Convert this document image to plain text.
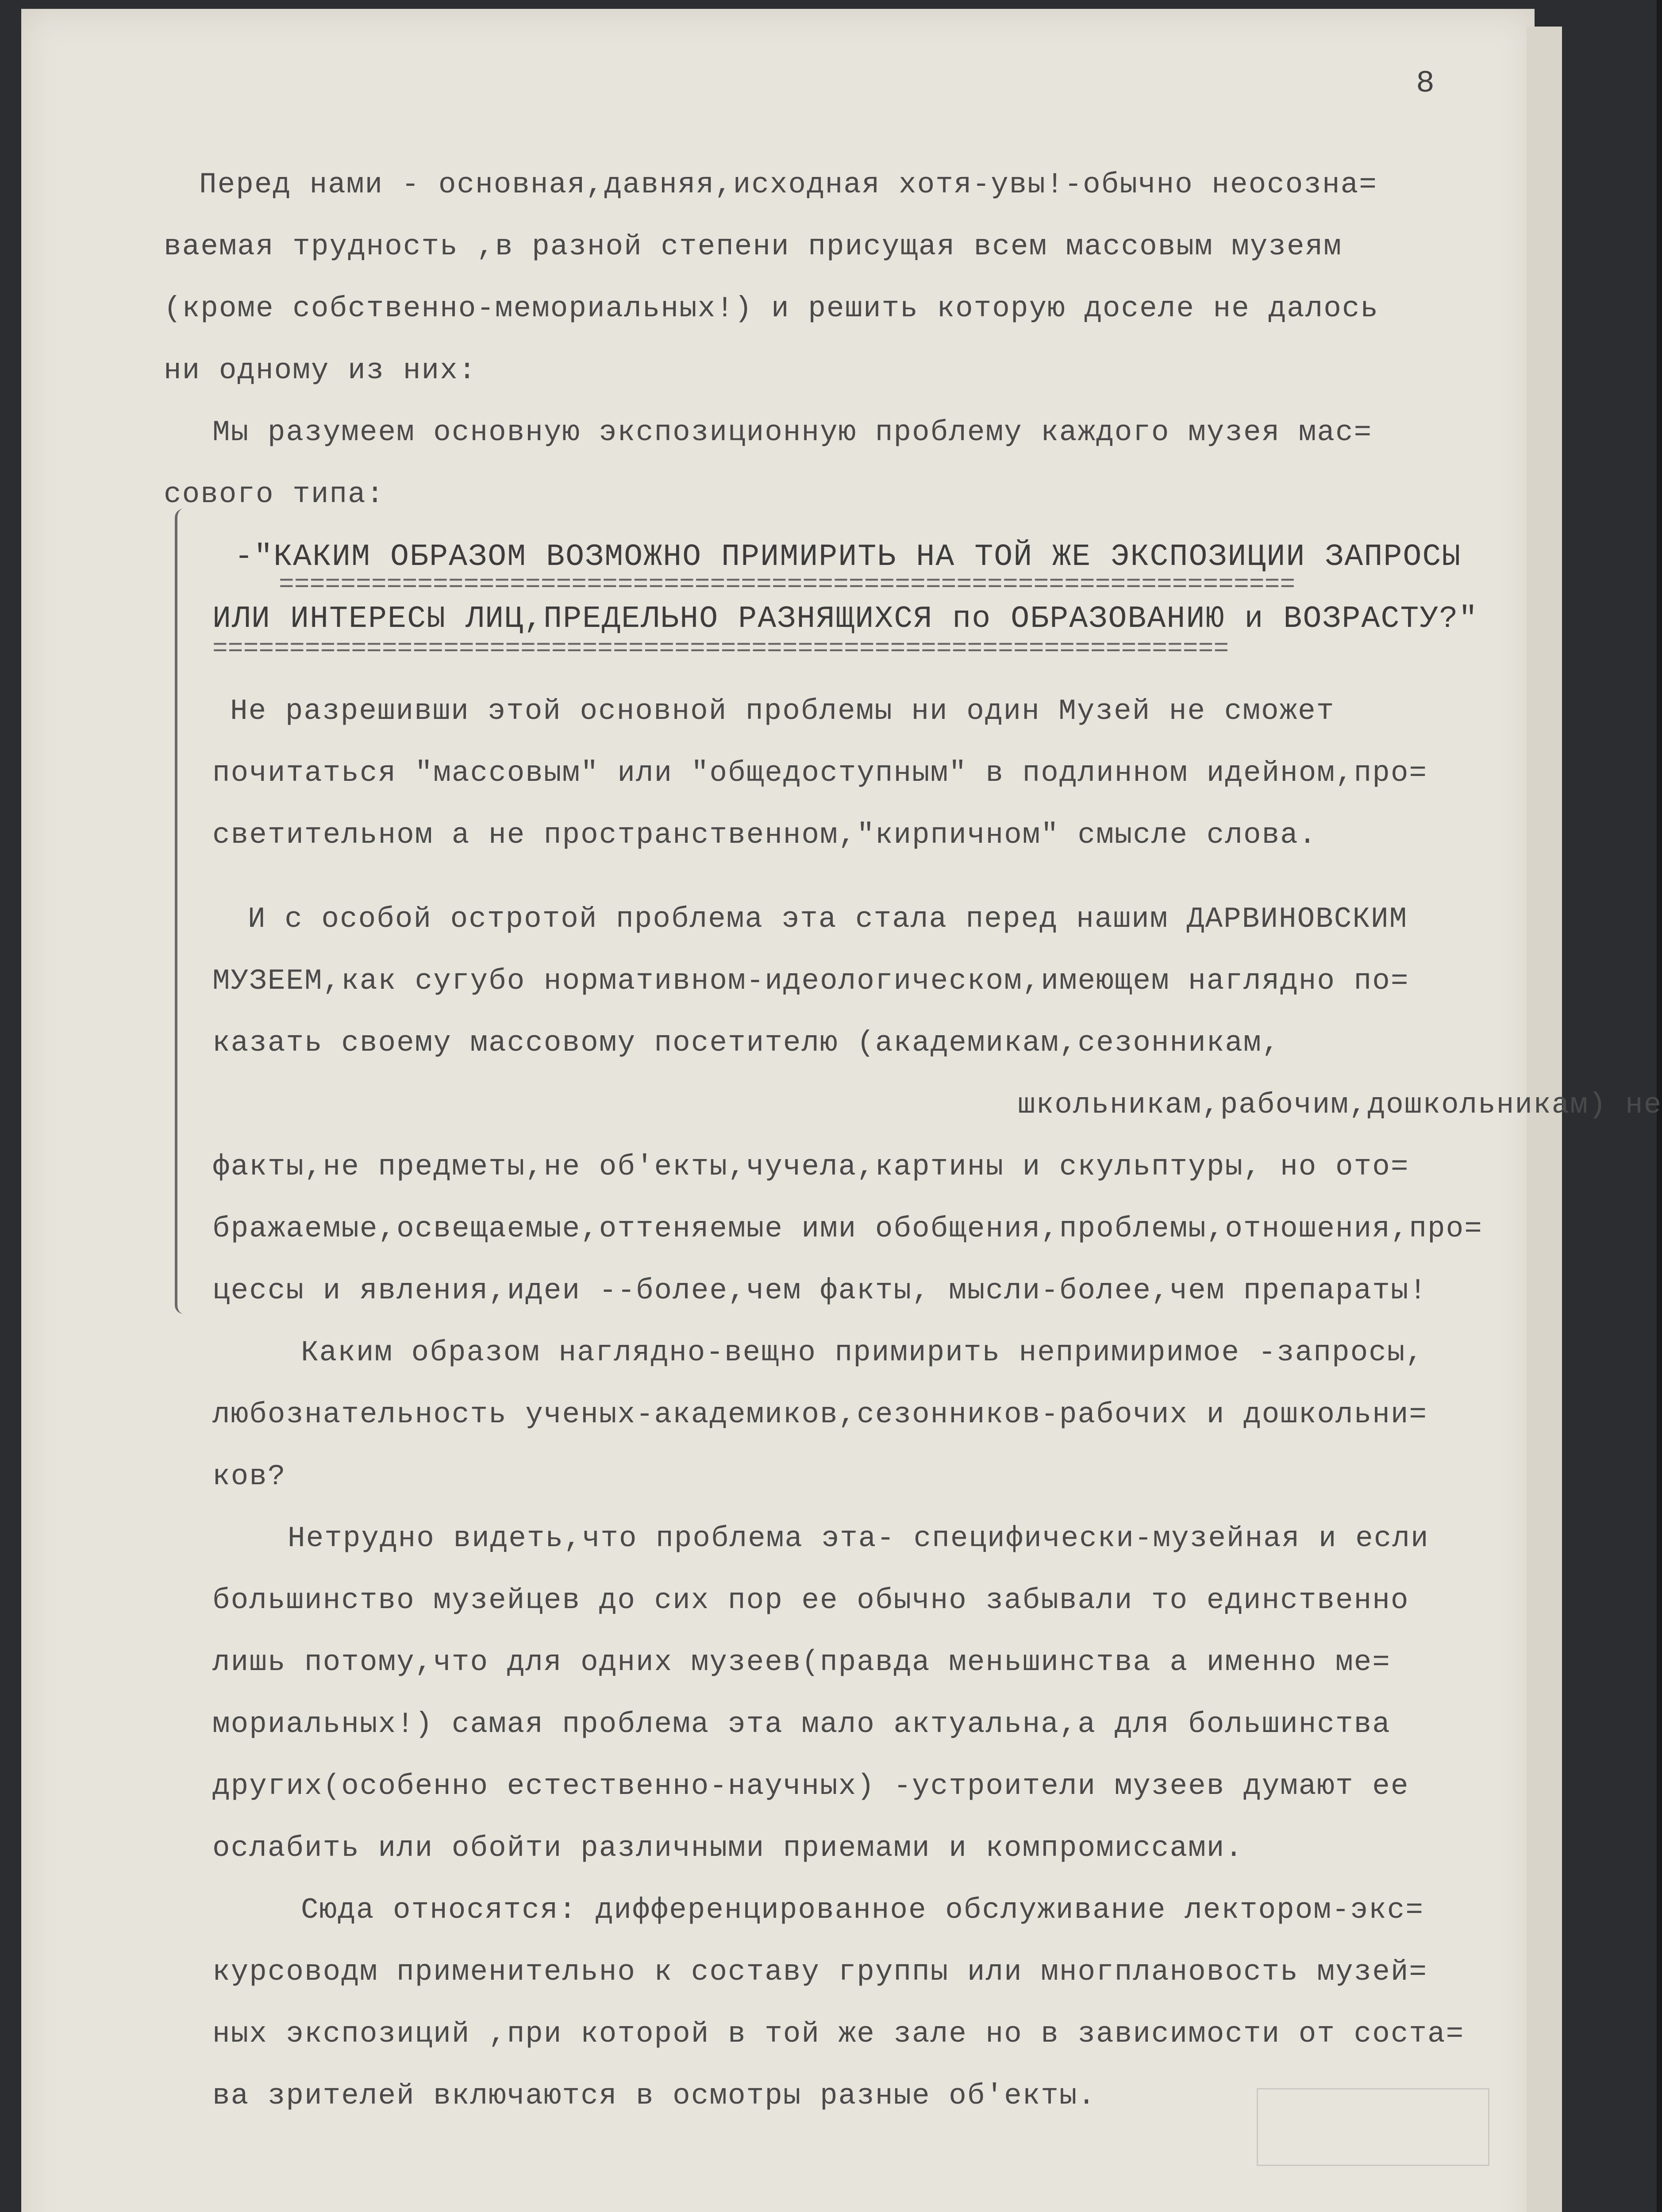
8
Перед нами - основная,давняя,исходная хотя-увы!-обычно неосозна=
ваемая трудность ,в разной степени присущая всем массовым музеям
(кроме собственно-мемориальных!) и решить которую доселе не далось
ни одному из них:
Мы разумеем основную экспозиционную проблему каждого музея мас=
сового типа:
-"КАКИМ ОБРАЗОМ ВОЗМОЖНО ПРИМИРИТЬ НА ТОЙ ЖЕ ЭКСПОЗИЦИИ ЗАПРОСЫ
==================================================================
ИЛИ ИНТЕРЕСЫ ЛИЦ,ПРЕДЕЛЬНО РАЗНЯЩИХСЯ по ОБРАЗОВАНИЮ и ВОЗРАСТУ?"
==================================================================
Не разрешивши этой основной проблемы ни один Музей не сможет
почитаться "массовым" или "общедоступным" в подлинном идейном,про=
светительном а не пространственном,"кирпичном" смысле слова.
И с особой остротой проблема эта стала перед нашим ДАРВИНОВСКИМ
МУЗЕЕМ,как сугубо нормативном-идеологическом,имеющем наглядно по=
казать своему массовому посетителю (академикам,сезонникам,
школьникам,рабочим,дошкольникам) не
факты,не предметы,не об'екты,чучела,картины и скульптуры, но ото=
бражаемые,освещаемые,оттеняемые ими обобщения,проблемы,отношения,про=
цессы и явления,идеи --более,чем факты, мысли-более,чем препараты!
Каким образом наглядно-вещно примирить непримиримое -запросы,
любознательность ученых-академиков,сезонников-рабочих и дошкольни=
ков?
Нетрудно видеть,что проблема эта- специфически-музейная и если
большинство музейцев до сих пор ее обычно забывали то единственно
лишь потому,что для одних музеев(правда меньшинства а именно ме=
мориальных!) самая проблема эта мало актуальна,а для большинства
других(особенно естественно-научных) -устроители музеев думают ее
ослабить или обойти различными приемами и компромиссами.
Сюда относятся: дифференцированное обслуживание лектором-экс=
курсоводм применительно к составу группы или многплановость музей=
ных экспозиций ,при которой в той же зале но в зависимости от соста=
ва зрителей включаются в осмотры разные об'екты.
